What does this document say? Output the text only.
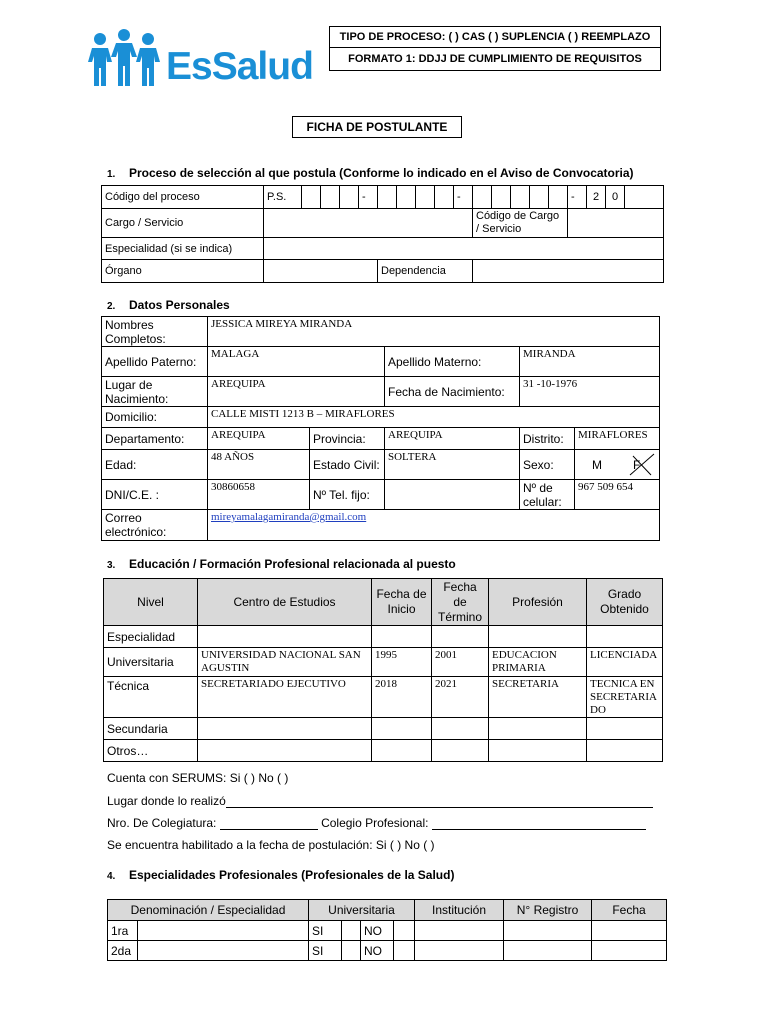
EsSalud
TIPO DE PROCESO: ( ) CAS ( ) SUPLENCIA ( ) REEMPLAZO
FORMATO 1: DDJJ DE CUMPLIMIENTO DE REQUISITOS
FICHA DE POSTULANTE
1. Proceso de selección al que postula (Conforme lo indicado en el Aviso de Convocatoria)
Código del proceso	P.S.				-					-						-	2	0	
Cargo / Servicio											Código de Cargo / Servicio								
Especialidad (si se indica)																			
Órgano						Dependencia													
2. Datos Personales
Nombres Completos:	JESSICA MIREYA MIRANDA				
Apellido Paterno:	MALAGA		Apellido Materno:	MIRANDA	
Lugar de Nacimiento:	AREQUIPA		Fecha de Nacimiento:	31 -10-1976	
Domicilio:	CALLE MISTI 1213 B – MIRAFLORES				
Departamento:	AREQUIPA	Provincia:	AREQUIPA	Distrito:	MIRAFLORES
Edad:	48 AÑOS	Estado Civil:	SOLTERA	Sexo:	M F

DNI/C.E. :	30860658	Nº Tel. fijo:		Nº de celular:	967 509 654
Correo electrónico:	mireyamalagamiranda@gmail.com				
3. Educación / Formación Profesional relacionada al puesto
Nivel	Centro de Estudios	Fecha de Inicio	Fecha de Término	Profesión	Grado Obtenido
Especialidad					
Universitaria	UNIVERSIDAD NACIONAL SAN AGUSTIN	1995	2001	EDUCACION PRIMARIA	LICENCIADA
Técnica	SECRETARIADO EJECUTIVO	2018	2021	SECRETARIA	TECNICA EN SECRETARIA DO
Secundaria					
Otros…					
Cuenta con SERUMS: Si ( ) No ( )
Lugar donde lo realizó
Nro. De Colegiatura:	Colegio Profesional:
Se encuentra habilitado a la fecha de postulación: Si ( ) No ( )
4. Especialidades Profesionales (Profesionales de la Salud)
Denominación / Especialidad		Universitaria				Institución	N° Registro	Fecha
1ra		SI		NO				
2da		SI		NO				
